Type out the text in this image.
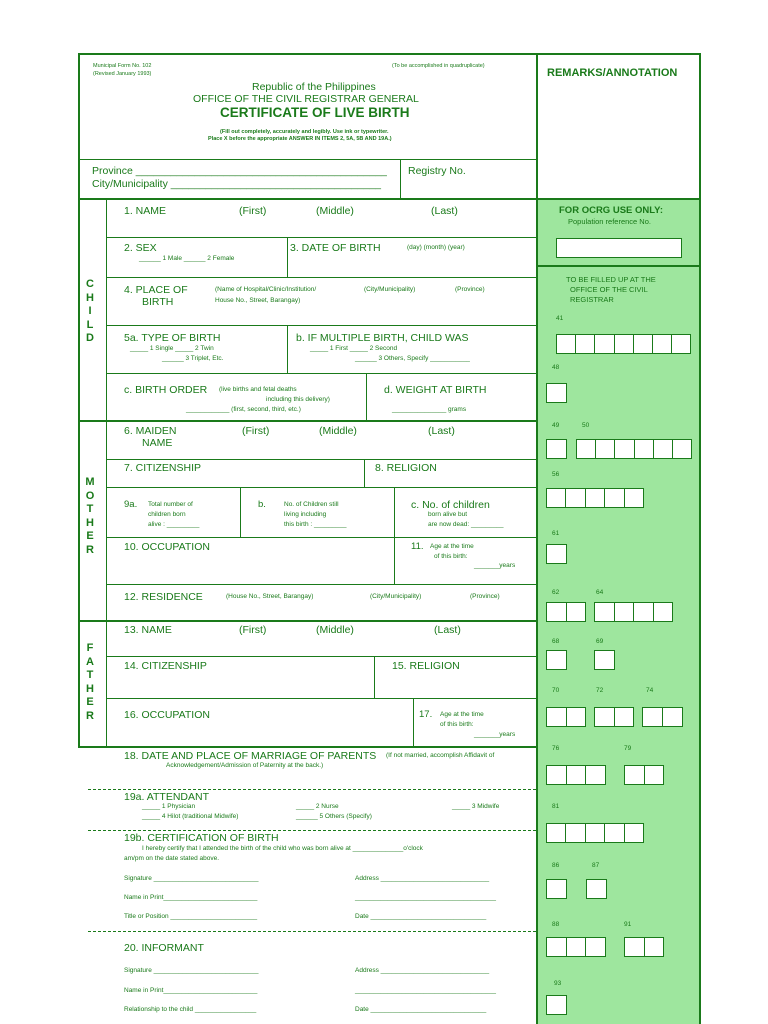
Municipal Form No. 102
(Revised January 1993)
(To be accomplished in quadruplicate)
Republic of the Philippines
OFFICE OF THE CIVIL REGISTRAR GENERAL
CERTIFICATE OF LIVE BIRTH
(Fill out completely, accurately and legibly. Use ink or typewriter.
Place X before the appropriate ANSWER IN ITEMS 2, 5A, 5B AND 19A.)
Province ___________________________________________
City/Municipality ____________________________________
Registry No.
REMARKS/ANNOTATION
FOR OCRG USE ONLY:
Population reference No.
TO BE FILLED UP AT THE
OFFICE OF THE CIVIL
REGISTRAR
41
48
49	50
56
61
62	64
68	69
70	72	74
76	79
81
86	87
88	91
93
C
H
I
L
D
M
O
T
H
E
R
F
A
T
H
E
R
1. NAME	(First)	(Middle)	(Last)
2. SEX
______ 1 Male ______ 2 Female
3. DATE OF BIRTH	(day) (month) (year)
4. PLACE OF
BIRTH
(Name of Hospital/Clinic/Institution/
House No., Street, Barangay)
(City/Municipality)	(Province)
5a. TYPE OF BIRTH
_____ 1 Single _____ 2 Twin
______ 3 Triplet, Etc.
b. IF MULTIPLE BIRTH, CHILD WAS
_____ 1 First _____ 2 Second
______ 3 Others, Specify ___________
c. BIRTH ORDER (live births and fetal deaths
including this delivery)
____________ (first, second, third, etc.)
d. WEIGHT AT BIRTH
_______________ grams
6. MAIDEN
NAME
(First)	(Middle)	(Last)
7. CITIZENSHIP	8. RELIGION
9a. Total number of
children born
alive : _________
b.	No. of Children still
living including
this birth : _________
c. No. of children
born alive but
are now dead: _________
10. OCCUPATION	11. Age at the time
of this birth:
_______years
12. RESIDENCE	(House No., Street, Barangay)	(City/Municipality)	(Province)
13. NAME	(First)	(Middle)	(Last)
14. CITIZENSHIP	15. RELIGION
16. OCCUPATION	17. Age at the time
of this birth:
_______years
18. DATE AND PLACE OF MARRIAGE OF PARENTS (If not married, accomplish Affidavit of
Acknowledgement/Admission of Paternity at the back.)
19a. ATTENDANT
_____ 1 Physician	_____ 2 Nurse	_____ 3 Midwife
_____ 4 Hilot (traditional Midwife)	______ 5 Others (Specify)
19b. CERTIFICATION OF BIRTH
I hereby certify that I attended the birth of the child who was born alive at ______________o'clock
am/pm on the date stated above.
Signature _____________________________	Address ______________________________
Name in Print__________________________	_______________________________________
Title or Position ________________________	Date ________________________________
20. INFORMANT
Signature _____________________________	Address ______________________________
Name in Print__________________________	_______________________________________
Relationship to the child _________________	Date ________________________________
